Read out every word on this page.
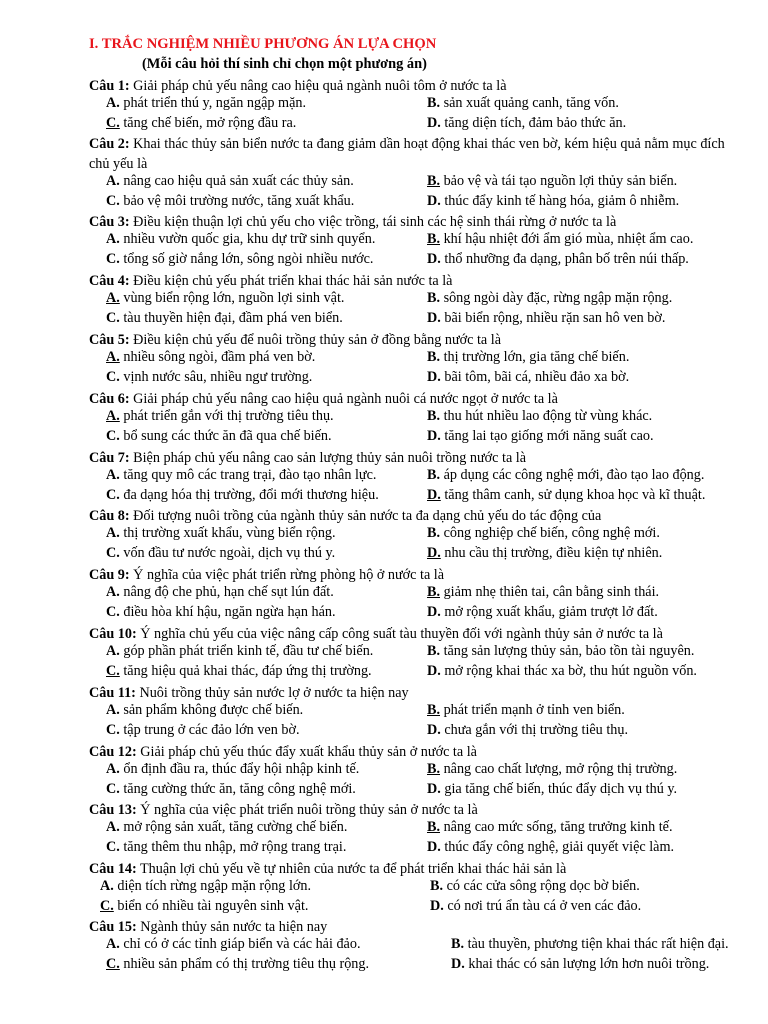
I. TRẮC NGHIỆM NHIỀU PHƯƠNG ÁN LỰA CHỌN
(Mỗi câu hỏi thí sinh chỉ chọn một phương án)
Câu 1: Giải pháp chủ yếu nâng cao hiệu quả ngành nuôi tôm ở nước ta là
A. phát triển thú y, ngăn ngập mặn.	B. sản xuất quảng canh, tăng vốn.
C. tăng chế biến, mở rộng đầu ra.	D. tăng diện tích, đảm bảo thức ăn.
Câu 2: Khai thác thủy sản biển nước ta đang giảm dần hoạt động khai thác ven bờ, kém hiệu quả nằm mục đích chủ yếu là
A. nâng cao hiệu quả sản xuất các thủy sản.	B. bảo vệ và tái tạo nguồn lợi thủy sản biển.
C. bảo vệ môi trường nước, tăng xuất khẩu.	D. thúc đẩy kinh tế hàng hóa, giảm ô nhiễm.
Câu 3: Điều kiện thuận lợi chủ yếu cho việc trồng, tái sinh các hệ sinh thái rừng ở nước ta là
A. nhiều vườn quốc gia, khu dự trữ sinh quyển.	B. khí hậu nhiệt đới ẩm gió mùa, nhiệt ẩm cao.
C. tổng số giờ nắng lớn, sông ngòi nhiều nước.	D. thổ nhưỡng đa dạng, phân bố trên núi thấp.
Câu 4: Điều kiện chủ yếu phát triển khai thác hải sản nước ta là
A. vùng biển rộng lớn, nguồn lợi sinh vật.	B. sông ngòi dày đặc, rừng ngập mặn rộng.
C. tàu thuyền hiện đại, đầm phá ven biển.	D. bãi biển rộng, nhiều rặn san hô ven bờ.
Câu 5: Điều kiện chủ yếu để nuôi trồng thủy sản ở đồng bằng nước ta là
A. nhiều sông ngòi, đầm phá ven bờ.	B. thị trường lớn, gia tăng chế biến.
C. vịnh nước sâu, nhiều ngư trường.	D. bãi tôm, bãi cá, nhiều đảo xa bờ.
Câu 6: Giải pháp chủ yếu nâng cao hiệu quả ngành nuôi cá nước ngọt ở nước ta là
A. phát triển gắn với thị trường tiêu thụ.	B. thu hút nhiều lao động từ vùng khác.
C. bổ sung các thức ăn đã qua chế biến.	D. tăng lai tạo giống mới năng suất cao.
Câu 7: Biện pháp chủ yếu nâng cao sản lượng thủy sản nuôi trồng nước ta là
A. tăng quy mô các trang trại, đào tạo nhân lực.	B. áp dụng các công nghệ mới, đào tạo lao động.
C. đa dạng hóa thị trường, đổi mới thương hiệu.	D. tăng thâm canh, sử dụng khoa học và kĩ thuật.
Câu 8: Đối tượng nuôi trồng của ngành thủy sản nước ta đa dạng chủ yếu do tác động của
A. thị trường xuất khẩu, vùng biển rộng.	B. công nghiệp chế biến, công nghệ mới.
C. vốn đầu tư nước ngoài, dịch vụ thú y.	D. nhu cầu thị trường, điều kiện tự nhiên.
Câu 9: Ý nghĩa của việc phát triển rừng phòng hộ ở nước ta là
A. nâng độ che phủ, hạn chế sụt lún đất.	B. giảm nhẹ thiên tai, cân bằng sinh thái.
C. điều hòa khí hậu, ngăn ngừa hạn hán.	D. mở rộng xuất khẩu, giảm trượt lở đất.
Câu 10: Ý nghĩa chủ yếu của việc nâng cấp công suất tàu thuyền đối với ngành thủy sản ở nước ta là
A. góp phần phát triển kinh tế, đầu tư chế biến.	B. tăng sản lượng thủy sản, bảo tồn tài nguyên.
C. tăng hiệu quả khai thác, đáp ứng thị trường.	D. mở rộng khai thác xa bờ, thu hút nguồn vốn.
Câu 11: Nuôi trồng thủy sản nước lợ ở nước ta hiện nay
A. sản phẩm không được chế biến.	B. phát triển mạnh ở tỉnh ven biển.
C. tập trung ở các đảo lớn ven bờ.	D. chưa gắn với thị trường tiêu thụ.
Câu 12: Giải pháp chủ yếu thúc đẩy xuất khẩu thủy sản ở nước ta là
A. ổn định đầu ra, thúc đẩy hội nhập kinh tế.	B. nâng cao chất lượng, mở rộng thị trường.
C. tăng cường thức ăn, tăng công nghệ mới.	D. gia tăng chế biến, thúc đẩy dịch vụ thú y.
Câu 13: Ý nghĩa của việc phát triển nuôi trồng thủy sản ở nước ta là
A. mở rộng sản xuất, tăng cường chế biến.	B. nâng cao mức sống, tăng trưởng kinh tế.
C. tăng thêm thu nhập, mở rộng trang trại.	D. thúc đẩy công nghệ, giải quyết việc làm.
Câu 14: Thuận lợi chủ yếu về tự nhiên của nước ta để phát triển khai thác hải sản là
A. diện tích rừng ngập mặn rộng lớn.	B. có các cửa sông rộng dọc bờ biển.
C. biển có nhiều tài nguyên sinh vật.	D. có nơi trú ẩn tàu cá ở ven các đảo.
Câu 15: Ngành thủy sản nước ta hiện nay
A. chỉ có ở các tỉnh giáp biển và các hải đảo.	B. tàu thuyền, phương tiện khai thác rất hiện đại.
C. nhiều sản phẩm có thị trường tiêu thụ rộng.	D. khai thác có sản lượng lớn hơn nuôi trồng.
